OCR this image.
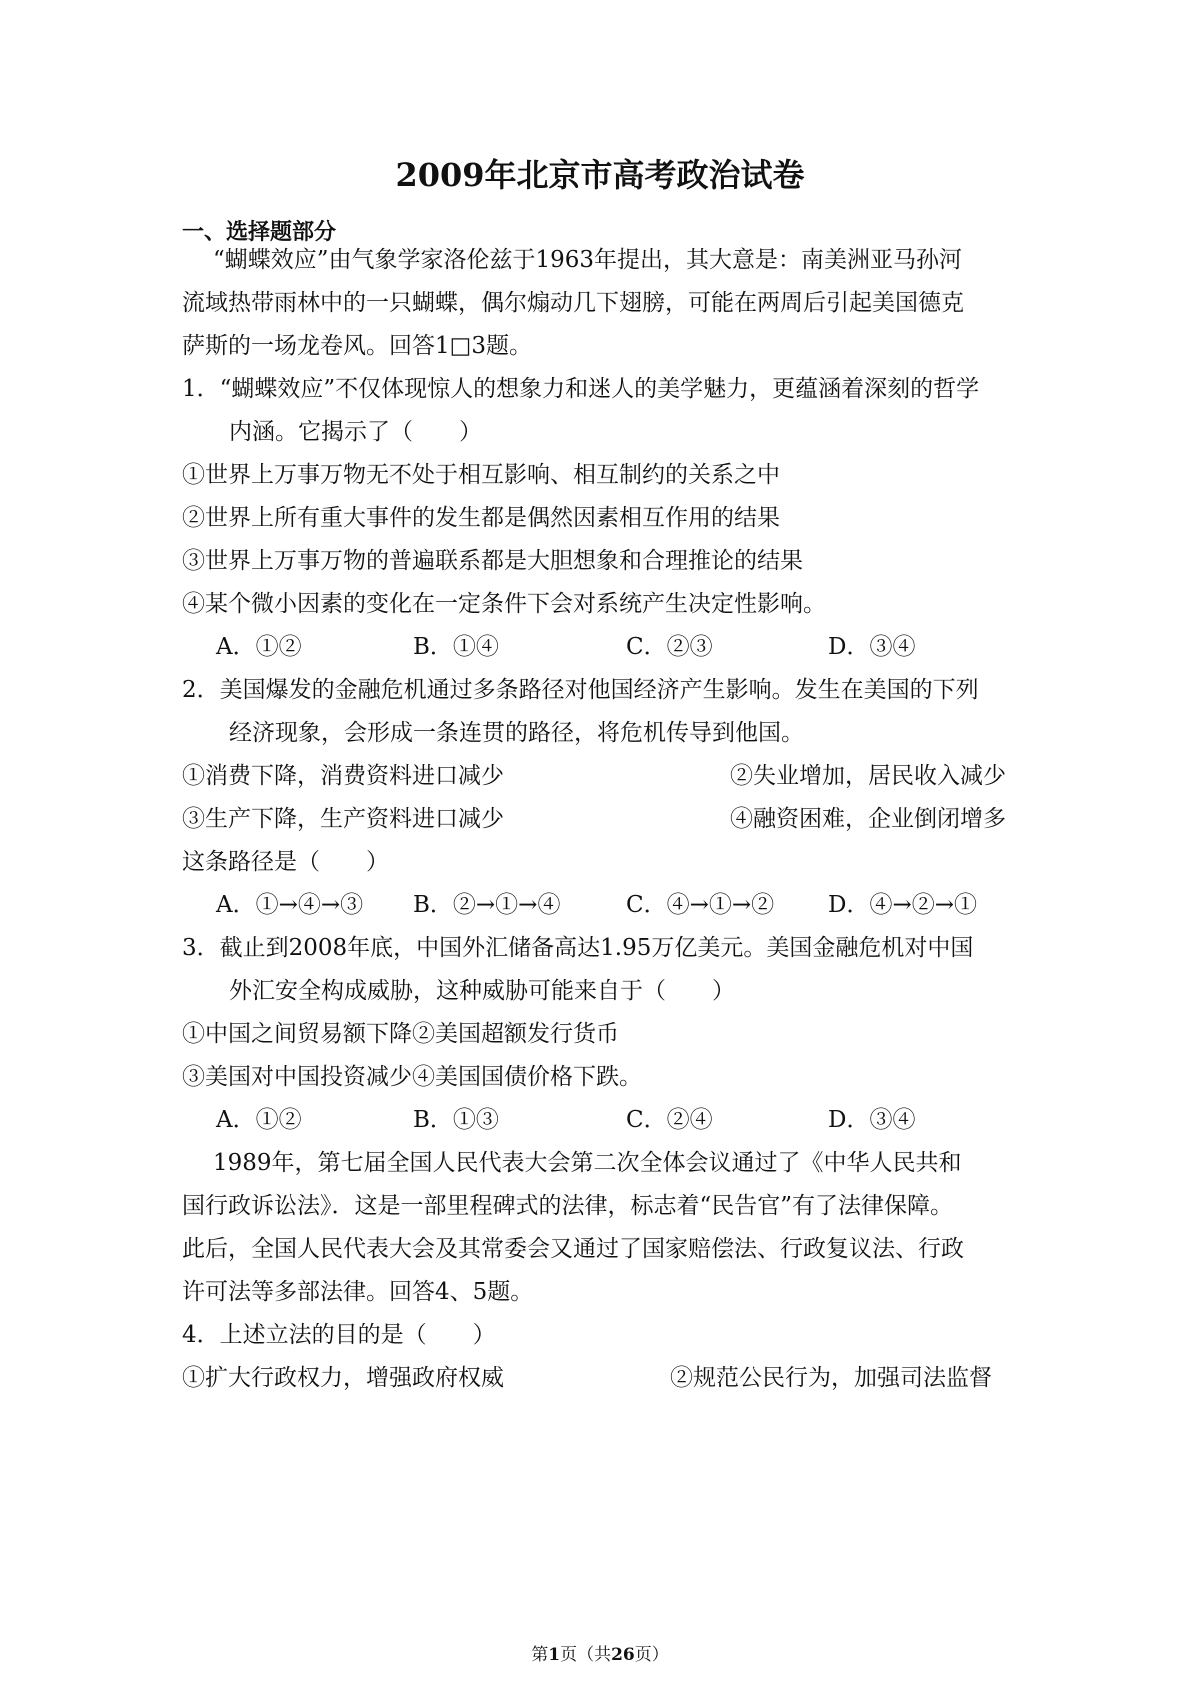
2009年北京市高考政治试卷
一、选择题部分
“蝴蝶效应”由气象学家洛伦兹于1963年提出，其大意是：南美洲亚马孙河
流域热带雨林中的一只蝴蝶，偶尔煽动几下翅膀，可能在两周后引起美国德克
萨斯的一场龙卷风。回答1□3题。
1．“蝴蝶效应”不仅体现惊人的想象力和迷人的美学魅力，更蕴涵着深刻的哲学
内涵。它揭示了（　　）
①世界上万事万物无不处于相互影响、相互制约的关系之中
②世界上所有重大事件的发生都是偶然因素相互作用的结果
③世界上万事万物的普遍联系都是大胆想象和合理推论的结果
④某个微小因素的变化在一定条件下会对系统产生决定性影响。
A．①②	B．①④	C．②③	D．③④
2．美国爆发的金融危机通过多条路径对他国经济产生影响。发生在美国的下列
经济现象，会形成一条连贯的路径，将危机传导到他国。
①消费下降，消费资料进口减少	②失业增加，居民收入减少
③生产下降，生产资料进口减少	④融资困难，企业倒闭增多
这条路径是（　　）
A．①→④→③ B．②→①→④	C．④→①→② D．④→②→①
3．截止到2008年底，中国外汇储备高达1.95万亿美元。美国金融危机对中国
外汇安全构成威胁，这种威胁可能来自于（　　）
①中国之间贸易额下降②美国超额发行货币
③美国对中国投资减少④美国国债价格下跌。
A．①②	B．①③	C．②④	D．③④
1989年，第七届全国人民代表大会第二次全体会议通过了《中华人民共和
国行政诉讼法》．这是一部里程碑式的法律，标志着“民告官”有了法律保障。
此后，全国人民代表大会及其常委会又通过了国家赔偿法、行政复议法、行政
许可法等多部法律。回答4、5题。
4．上述立法的目的是（　　）
①扩大行政权力，增强政府权威	②规范公民行为，加强司法监督
第1页（共26页）
